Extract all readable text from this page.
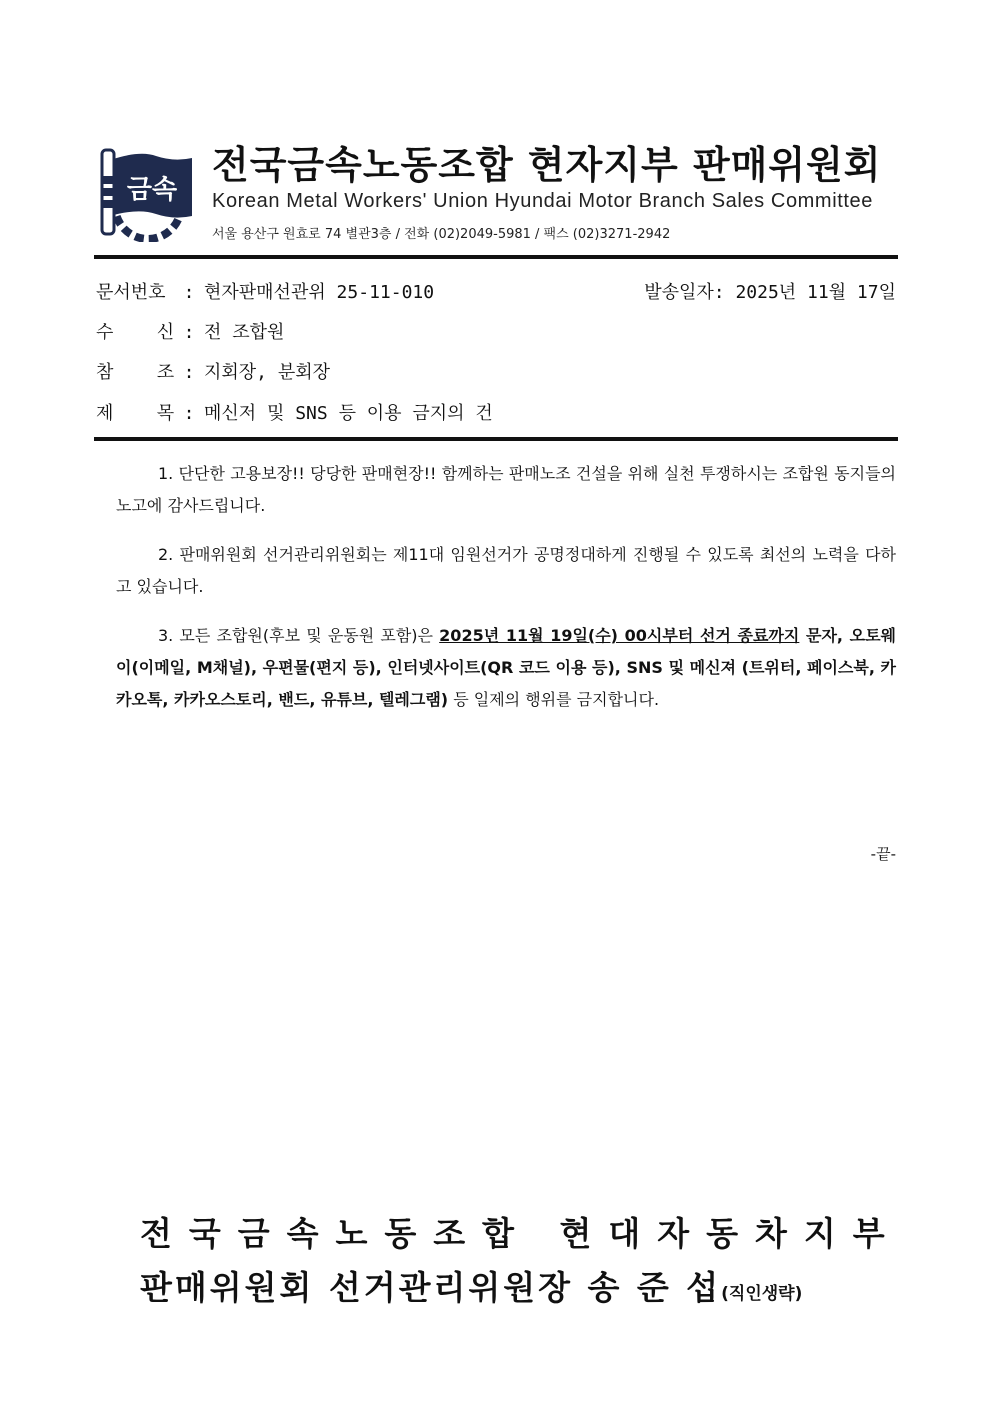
금속
전국금속노동조합 현자지부 판매위원회
Korean Metal Workers' Union Hyundai Motor Branch Sales Committee
서울 용산구 원효로 74 별관3층 / 전화 (02)2049-5981 / 팩스 (02)3271-2942
문서번호 : 현자판매선관위 25-11-010	발송일자: 2025년 11월 17일
수    신 : 전 조합원
참    조 : 지회장, 분회장
제    목 : 메신저 및 SNS 등 이용 금지의 건
1. 단단한 고용보장!! 당당한 판매현장!! 함께하는 판매노조 건설을 위해 실천 투쟁하시는 조합원 동지들의 노고에 감사드립니다.
2. 판매위원회 선거관리위원회는 제11대 임원선거가 공명정대하게 진행될 수 있도록 최선의 노력을 다하고 있습니다.
3. 모든 조합원(후보 및 운동원 포함)은 2025년 11월 19일(수) 00시부터 선거 종료까지 문자, 오토웨이(이메일, M채널), 우편물(편지 등), 인터넷사이트(QR 코드 이용 등), SNS 및 메신져 (트위터, 페이스북, 카카오톡, 카카오스토리, 밴드, 유튜브, 텔레그램) 등 일제의 행위를 금지합니다.
-끝-
전국금속노동조합 현대자동차지부
판매위원회 선거관리위원장 송 준 섭(직인생략)
